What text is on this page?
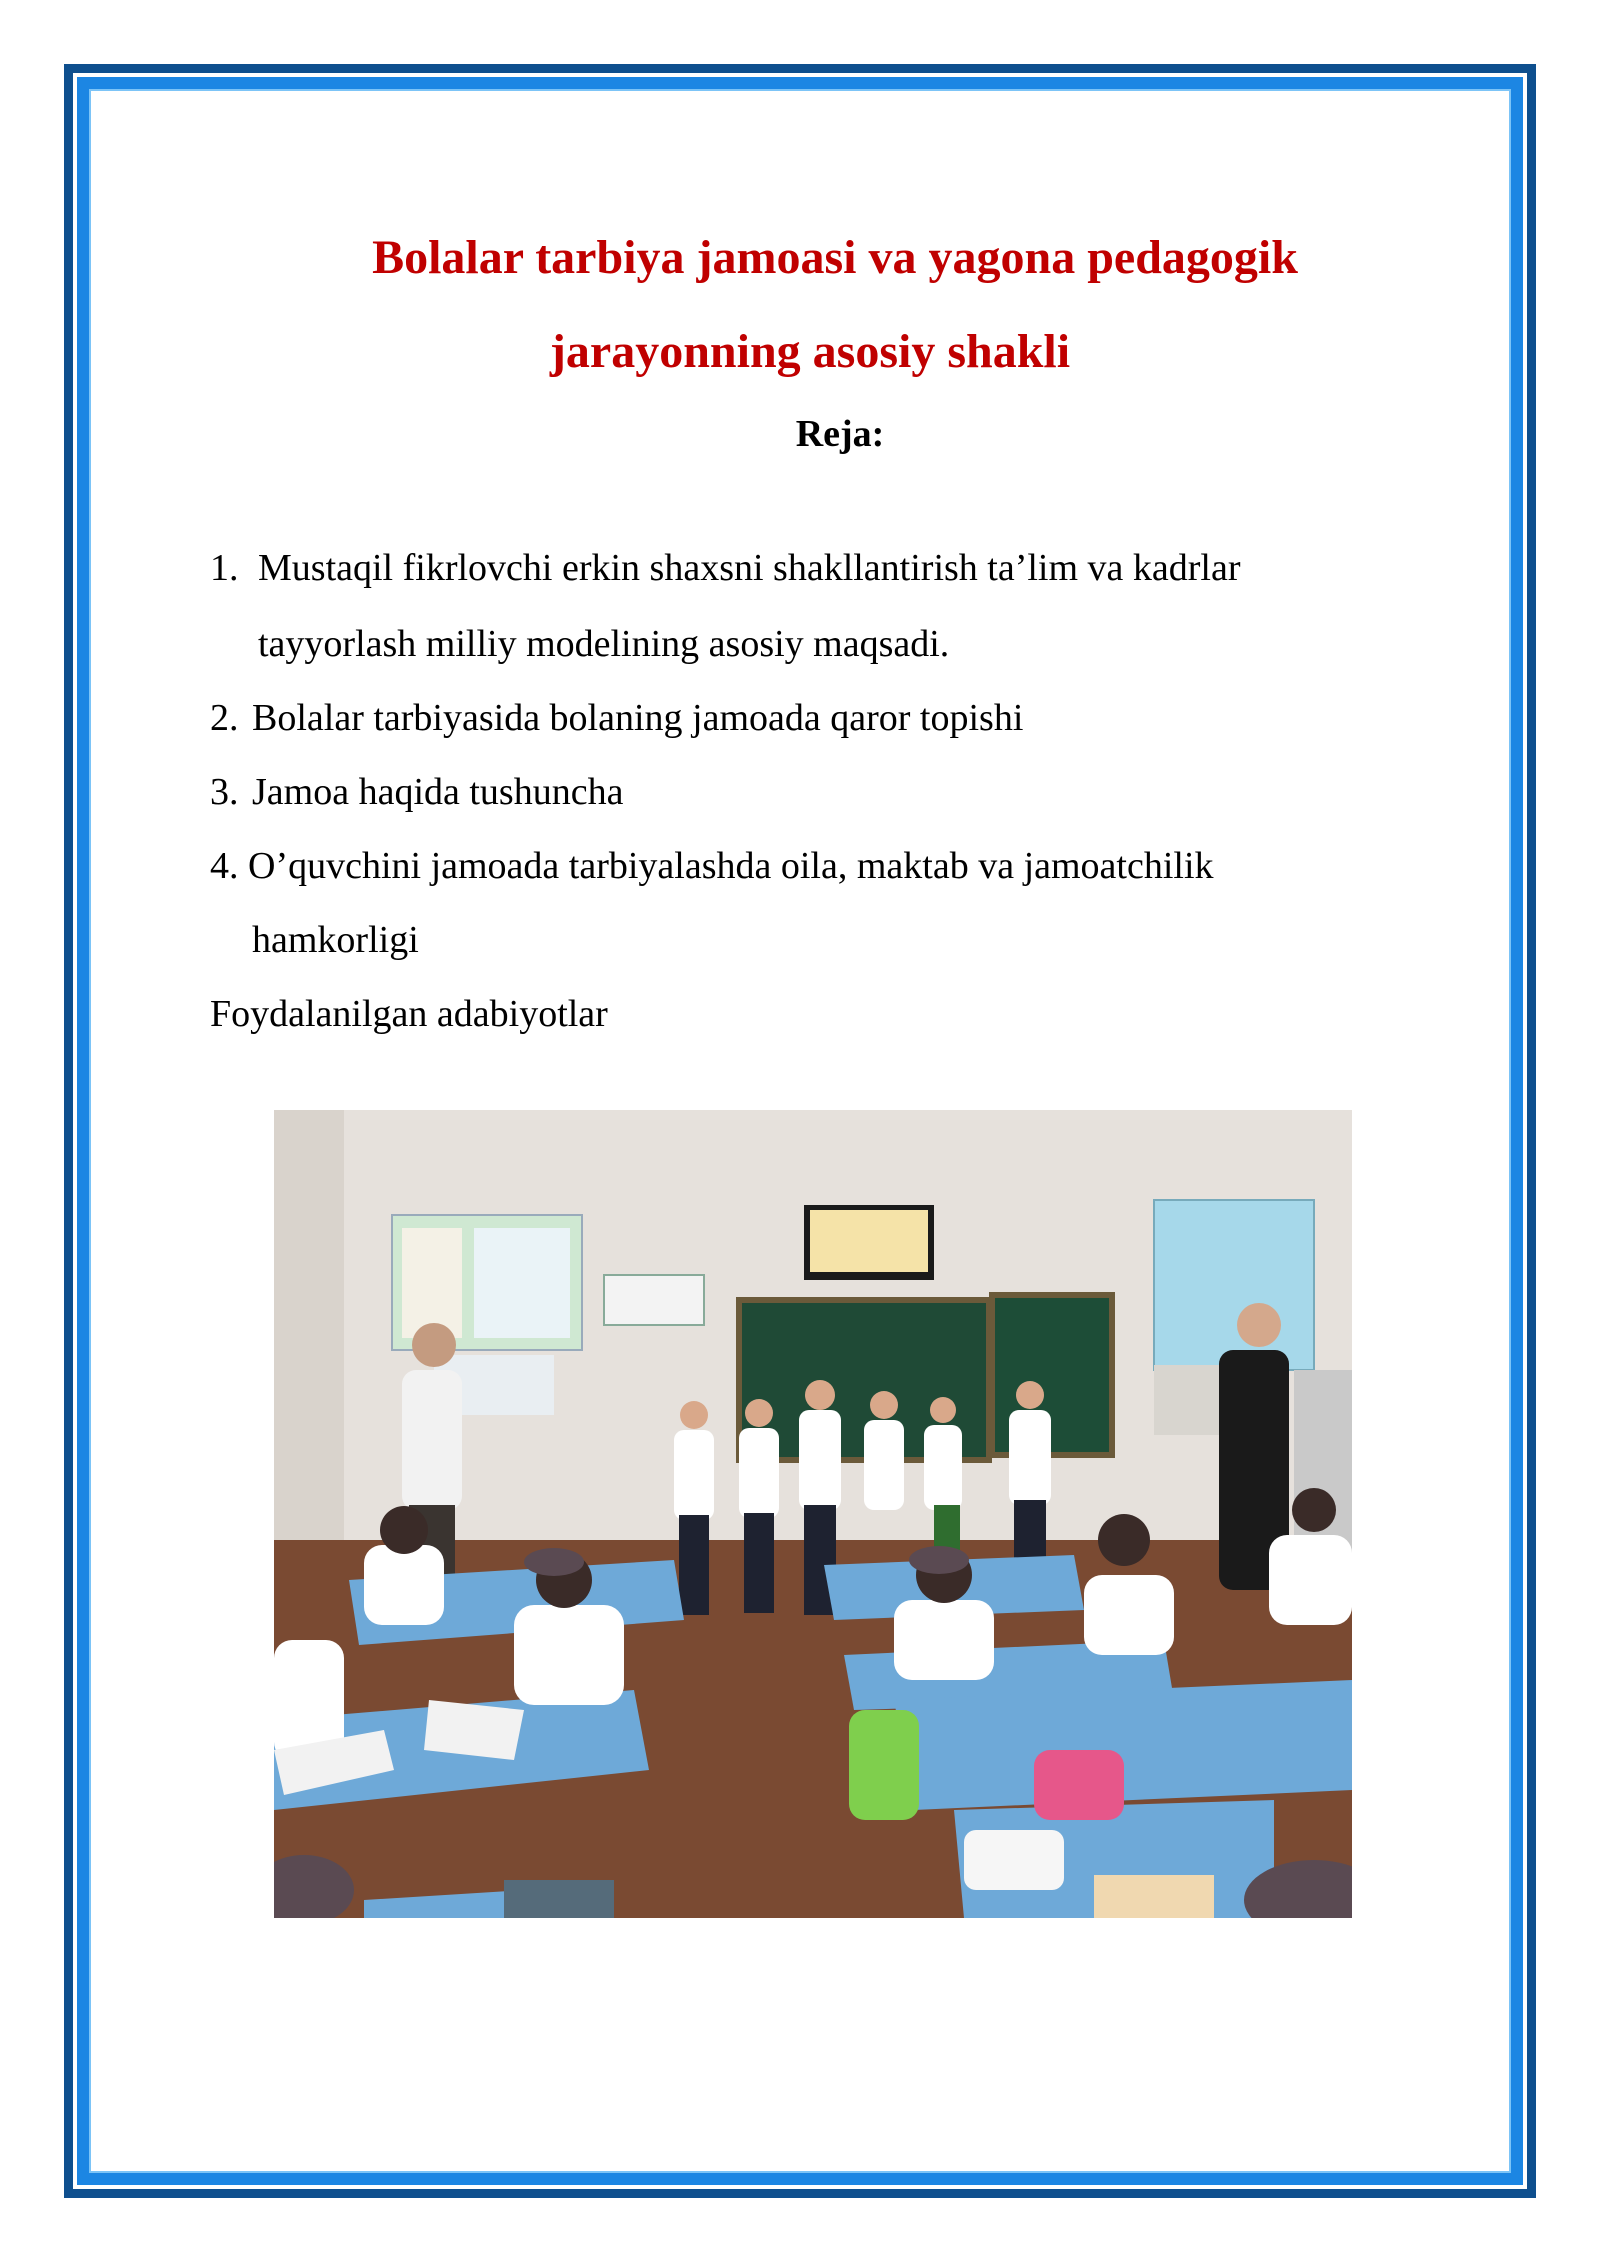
Bolalar tarbiya jamoasi va yagona pedagogik
jarayonning asosiy shakli
Reja:
1. Mustaqil fikrlovchi erkin shaxsni shakllantirish ta’lim va kadrlar
tayyorlash milliy modelining asosiy maqsadi.
2. Bolalar tarbiyasida bolaning jamoada qaror topishi
3. Jamoa haqida tushuncha
4. O’quvchini jamoada tarbiyalashda oila, maktab va jamoatchilik
hamkorligi
Foydalanilgan adabiyotlar
